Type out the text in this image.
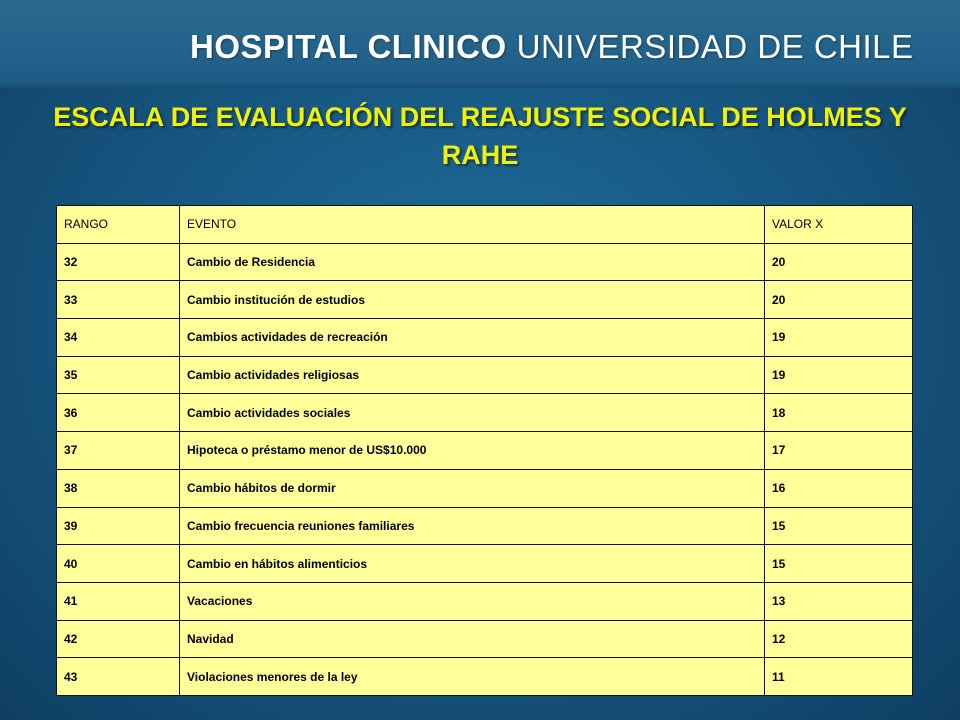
HOSPITAL CLINICO UNIVERSIDAD DE CHILE
ESCALA DE EVALUACIÓN DEL REAJUSTE SOCIAL DE HOLMES Y RAHE
RANGO	EVENTO	VALOR X
32	Cambio de Residencia	20
33	Cambio institución de estudios	20
34	Cambios actividades de recreación	19
35	Cambio actividades religiosas	19
36	Cambio actividades sociales	18
37	Hipoteca o préstamo menor de US$10.000	17
38	Cambio hábitos de dormir	16
39	Cambio frecuencia reuniones familiares	15
40	Cambio en hábitos alimenticios	15
41	Vacaciones	13
42	Navidad	12
43	Violaciones menores de la ley	11
